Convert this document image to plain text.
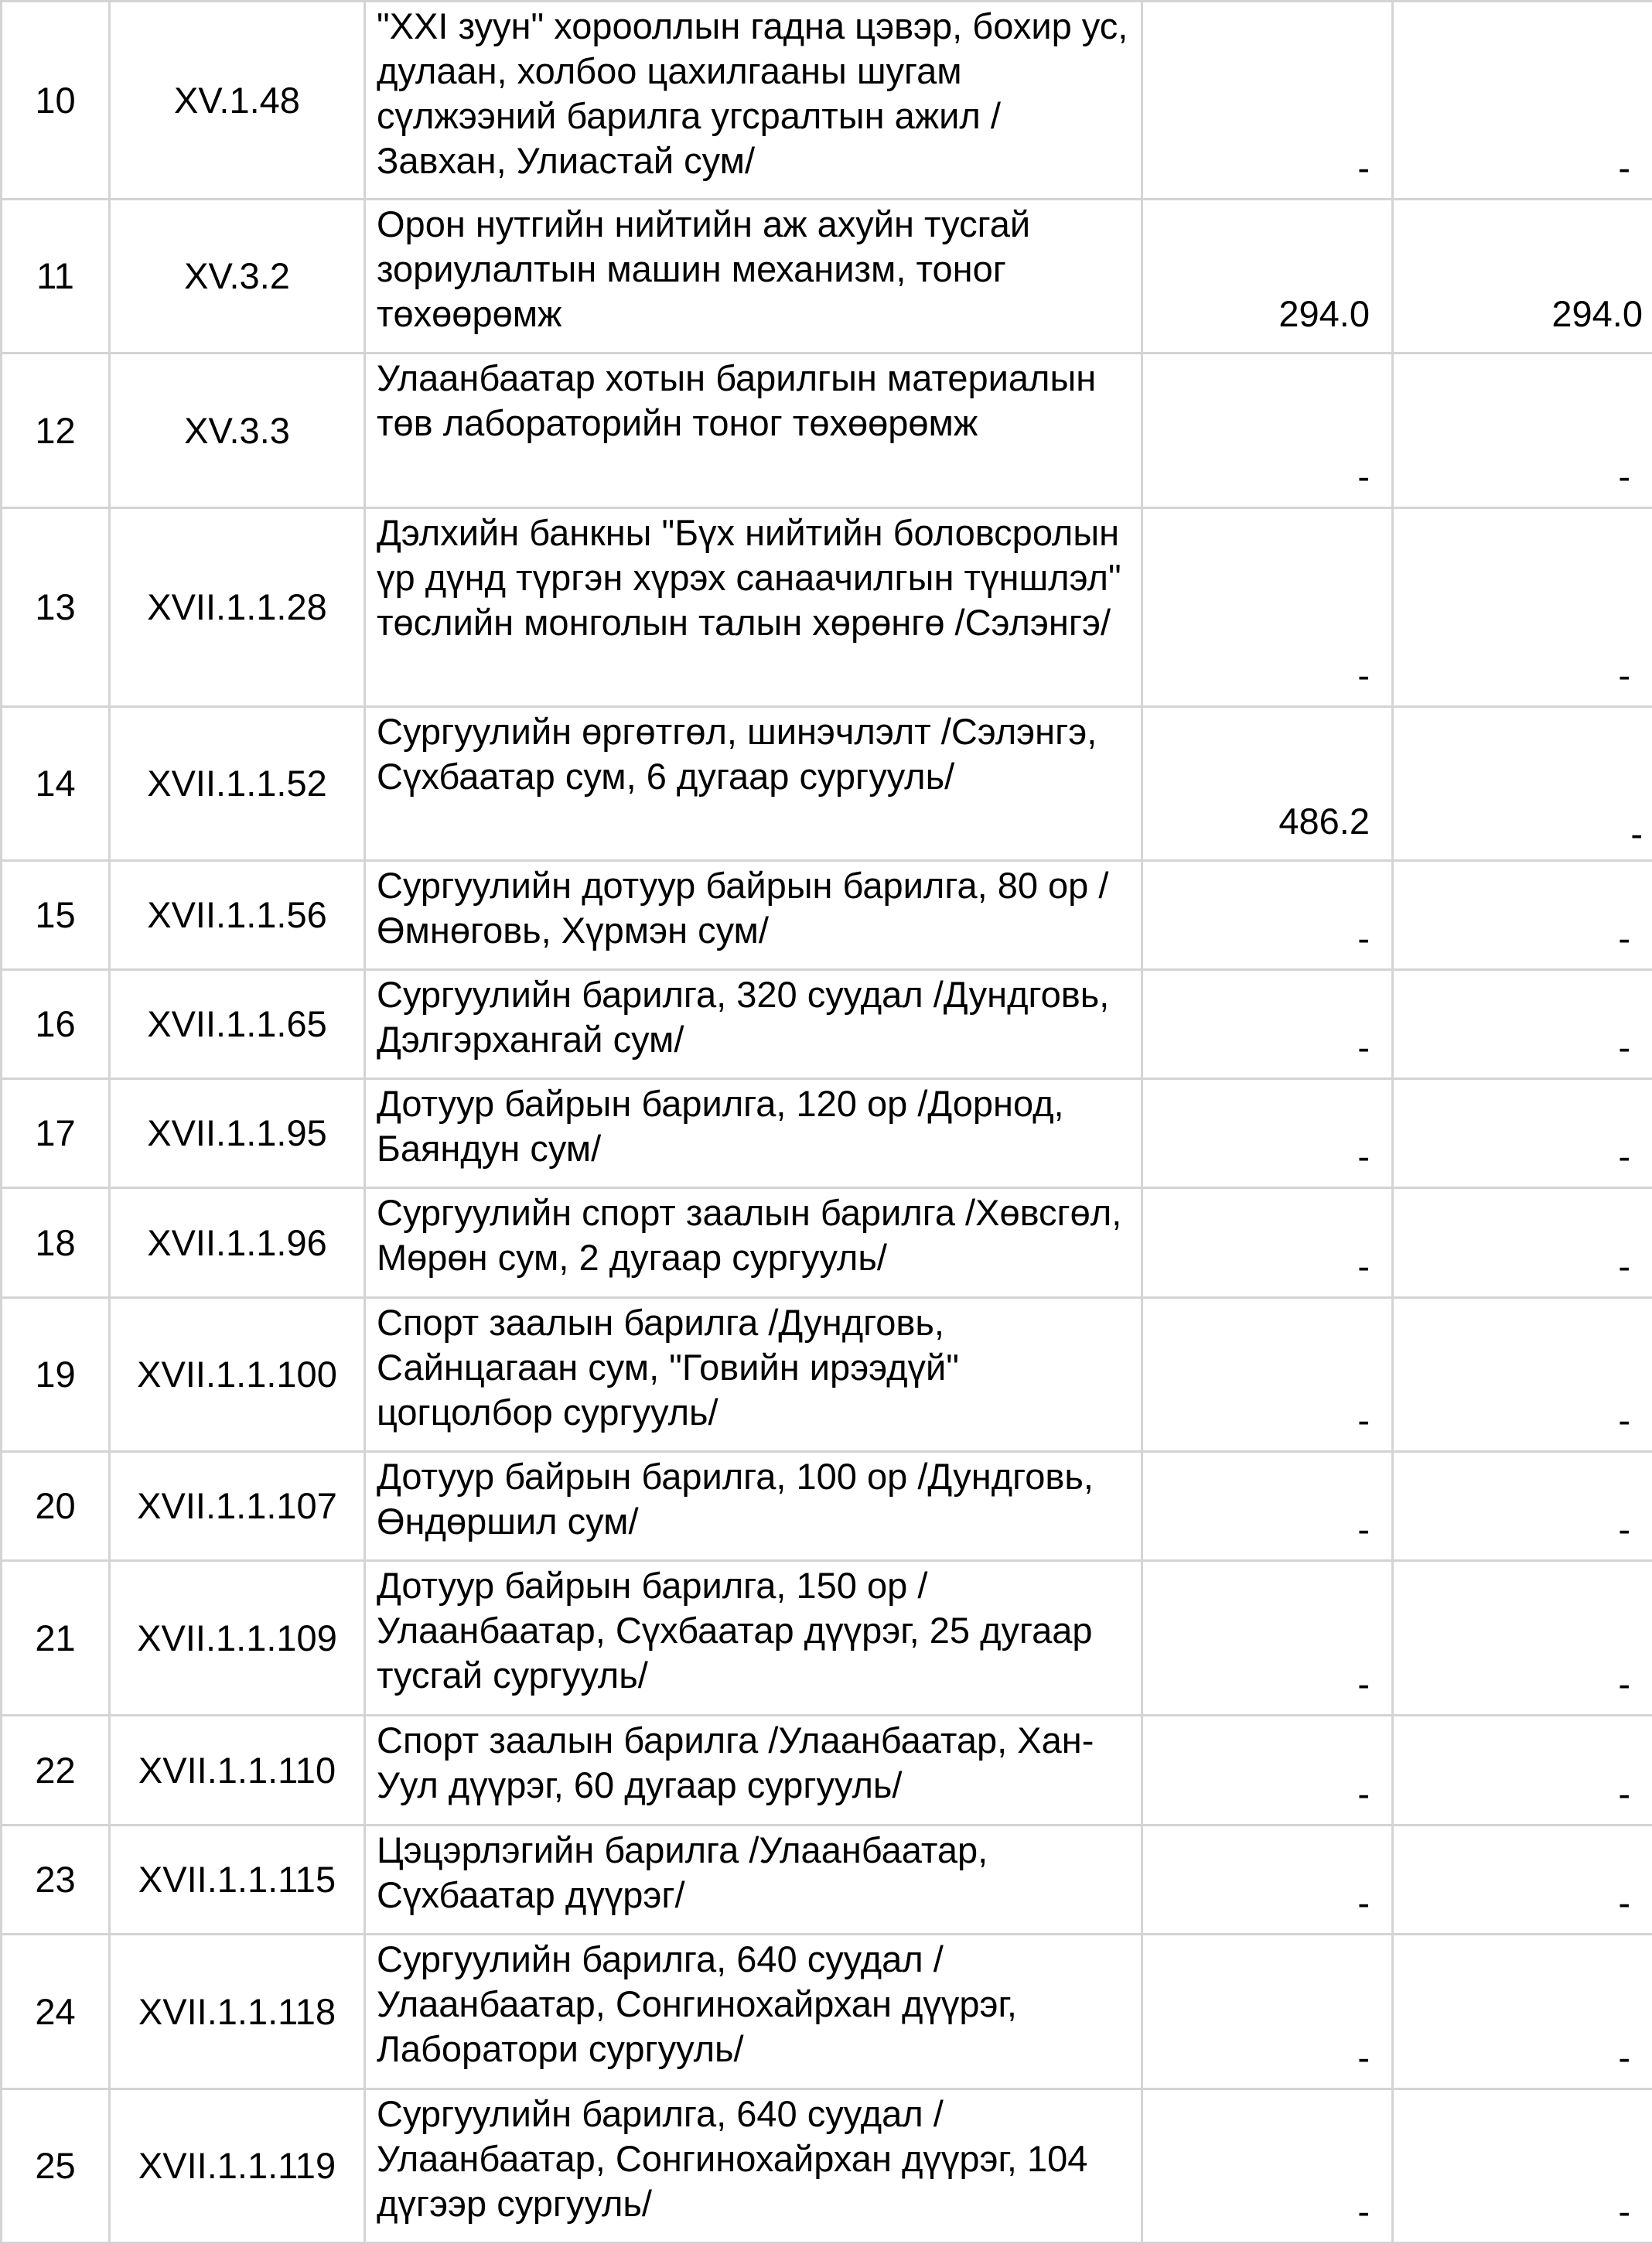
10	XV.1.48	"XXI зуун" хорооллын гадна цэвэр, бохир ус, дулаан, холбоо цахилгааны шугам сүлжээний барилга угсралтын ажил /Завхан, Улиастай сум/	-	-
11	XV.3.2	Орон нутгийн нийтийн аж ахуйн тусгай зориулалтын машин механизм, тоног төхөөрөмж	294.0	294.0
12	XV.3.3	Улаанбаатар хотын барилгын материалын төв лабораторийн тоног төхөөрөмж	-	-
13	XVII.1.1.28	Дэлхийн банкны "Бүх нийтийн боловсролын үр дүнд түргэн хүрэх санаачилгын түншлэл" төслийн монголын талын хөрөнгө /Сэлэнгэ/	-	-
14	XVII.1.1.52	Сургуулийн өргөтгөл, шинэчлэлт /Сэлэнгэ, Сүхбаатар сум, 6 дугаар сургууль/	486.2	-
15	XVII.1.1.56	Сургуулийн дотуур байрын барилга, 80 ор /Өмнөговь, Хүрмэн сум/	-	-
16	XVII.1.1.65	Сургуулийн барилга, 320 суудал /Дундговь, Дэлгэрхангай сум/	-	-
17	XVII.1.1.95	Дотуур байрын барилга, 120 ор /Дорнод, Баяндун сум/	-	-
18	XVII.1.1.96	Сургуулийн спорт заалын барилга /Хөвсгөл, Мөрөн сум, 2 дугаар сургууль/	-	-
19	XVII.1.1.100	Спорт заалын барилга /Дундговь, Сайнцагаан сум, "Говийн ирээдүй" цогцолбор сургууль/	-	-
20	XVII.1.1.107	Дотуур байрын барилга, 100 ор /Дундговь, Өндөршил сум/	-	-
21	XVII.1.1.109	Дотуур байрын барилга, 150 ор /Улаанбаатар, Сүхбаатар дүүрэг, 25 дугаар тусгай сургууль/	-	-
22	XVII.1.1.110	Спорт заалын барилга /Улаанбаатар, Хан-Уул дүүрэг, 60 дугаар сургууль/	-	-
23	XVII.1.1.115	Цэцэрлэгийн барилга /Улаанбаатар, Сүхбаатар дүүрэг/	-	-
24	XVII.1.1.118	Сургуулийн барилга, 640 суудал /Улаанбаатар, Сонгинохайрхан дүүрэг, Лаборатори сургууль/	-	-
25	XVII.1.1.119	Сургуулийн барилга, 640 суудал /Улаанбаатар, Сонгинохайрхан дүүрэг, 104 дүгээр сургууль/	-	-
